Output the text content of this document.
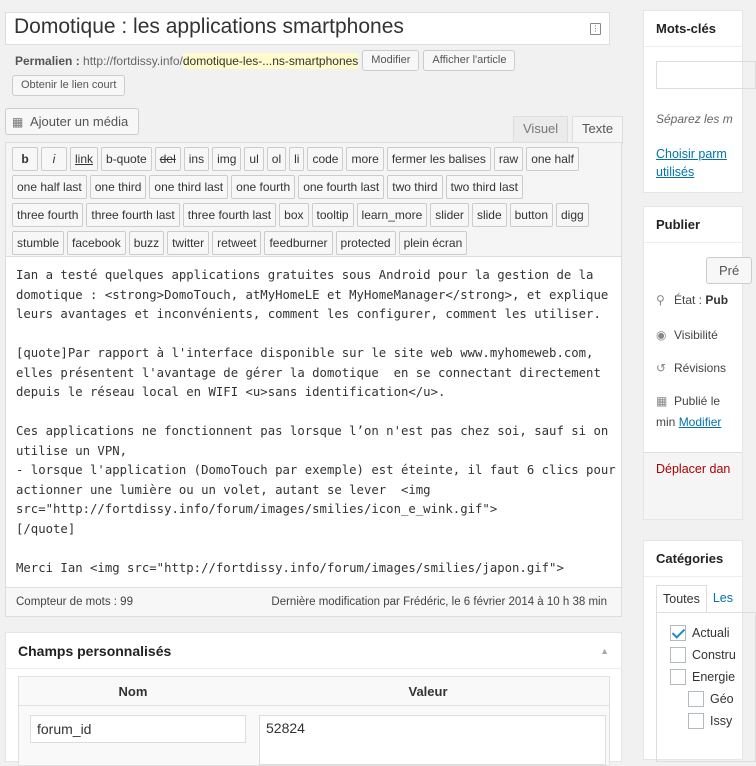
Domotique : les applications smartphones	⋮
Permalien : http://fortdissy.info/domotique-les-...ns-smartphones	Modifier	Afficher l'article
Obtenir le lien court
▦ Ajouter un média	Visuel	Texte
b	i	link	b-quote	del	ins	img	ul	ol	li	code	more	fermer les balises	raw	one half
one half last	one third	one third last	one fourth	one fourth last	two third	two third last
three fourth	three fourth last	three fourth last	box	tooltip	learn_more	slider	slide	button	digg
stumble	facebook	buzz	twitter	retweet	feedburner	protected	plein écran
Ian a testé quelques applications gratuites sous Android pour la gestion de la
domotique : <strong>DomoTouch, atMyHomeLE et MyHomeManager</strong>, et explique
leurs avantages et inconvénients, comment les configurer, comment les utiliser.

[quote]Par rapport à l'interface disponible sur le site web www.myhomeweb.com,
elles présentent l'avantage de gérer la domotique  en se connectant directement
depuis le réseau local en WIFI <u>sans identification</u>.

Ces applications ne fonctionnent pas lorsque l’on n'est pas chez soi, sauf si on
utilise un VPN,
- lorsque l'application (DomoTouch par exemple) est éteinte, il faut 6 clics pour
actionner une lumière ou un volet, autant se lever  <img
src="http://fortdissy.info/forum/images/smilies/icon_e_wink.gif">
[/quote]

Merci Ian <img src="http://fortdissy.info/forum/images/smilies/japon.gif">
Compteur de mots : 99	Dernière modification par Frédéric, le 6 février 2014 à 10 h 38 min
Champs personnalisés	▲
Nom	Valeur
forum_id	52824
Mots-clés
Séparez les m
Choisir parm
utilisés
Publier
Pré
⚲ État : Pub
◉ Visibilité
↺ Révisions
▦ Publié le
min Modifier
Déplacer dan
Catégories
Toutes	Les
Actuali
Constru
Energie
Géo
Issy
